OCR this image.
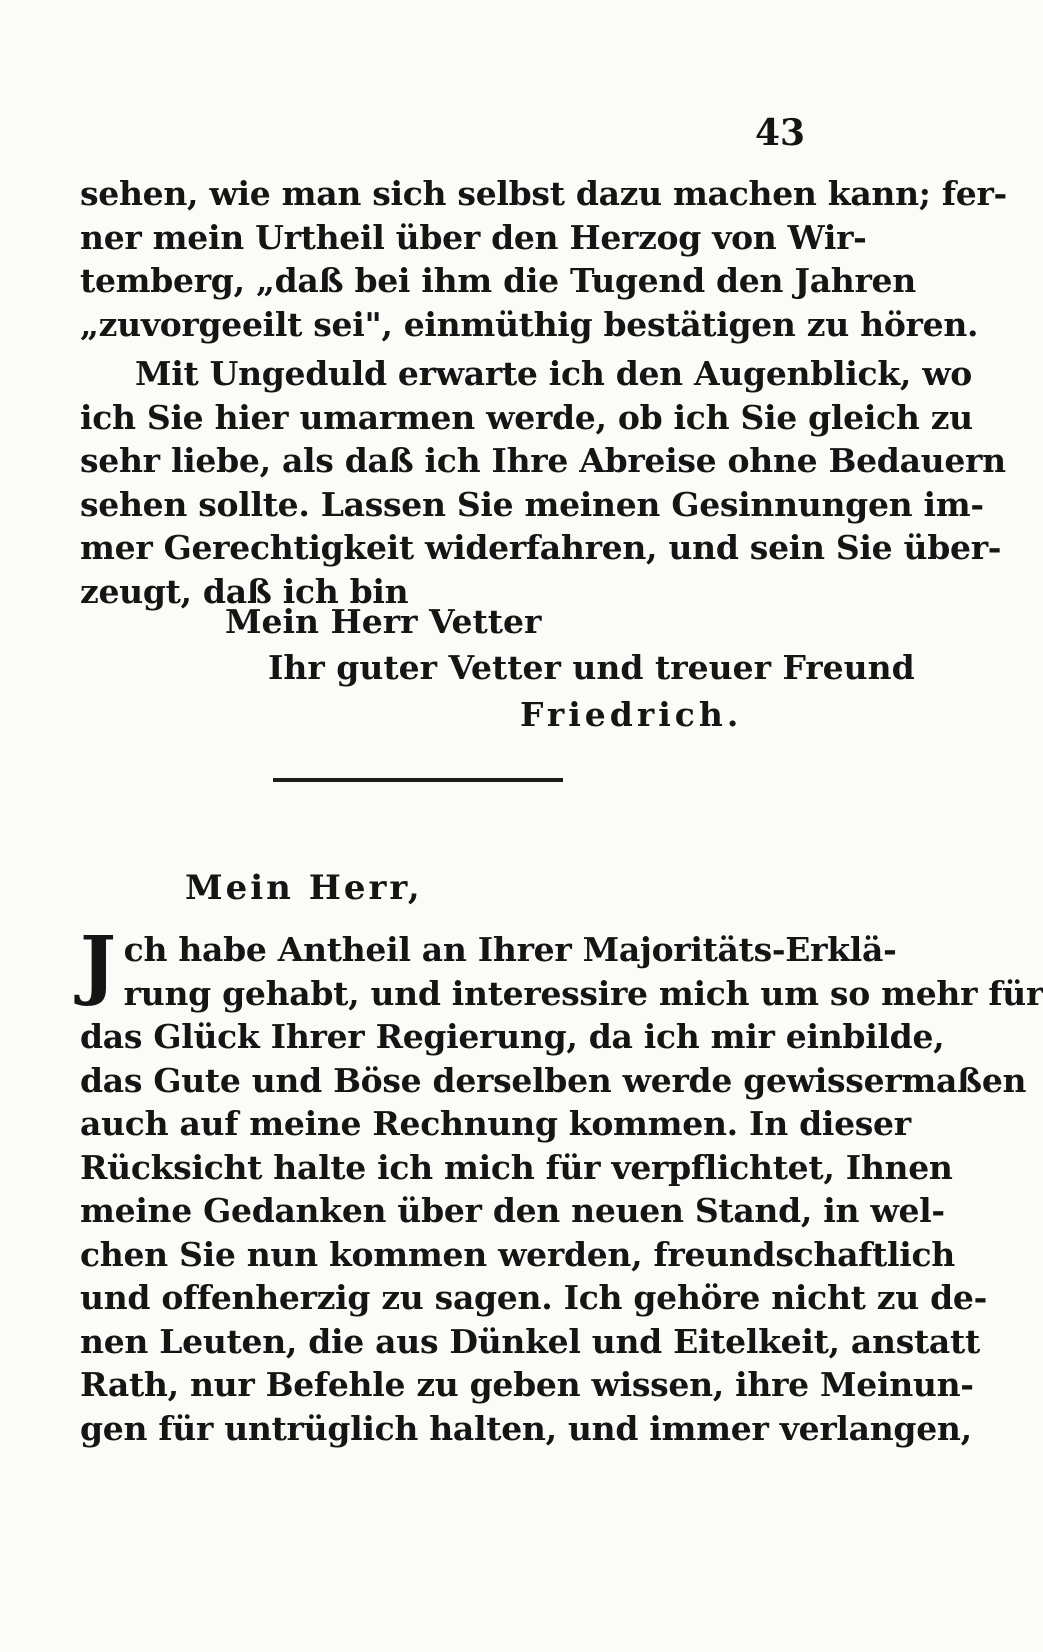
43
sehen, wie man sich selbst dazu machen kann; fer-
ner mein Urtheil über den Herzog von Wir-
temberg, „daß bei ihm die Tugend den Jahren
„zuvorgeeilt sei", einmüthig bestätigen zu hören.
Mit Ungeduld erwarte ich den Augenblick, wo
ich Sie hier umarmen werde, ob ich Sie gleich zu
sehr liebe, als daß ich Ihre Abreise ohne Bedauern
sehen sollte. Lassen Sie meinen Gesinnungen im-
mer Gerechtigkeit widerfahren, und sein Sie über-
zeugt, daß ich bin
Mein Herr Vetter
Ihr guter Vetter und treuer Freund
Friedrich.
Mein Herr,
J ch habe Antheil an Ihrer Majoritäts-Erklä-
rung gehabt, und interessire mich um so mehr für
das Glück Ihrer Regierung, da ich mir einbilde,
das Gute und Böse derselben werde gewissermaßen
auch auf meine Rechnung kommen. In dieser
Rücksicht halte ich mich für verpflichtet, Ihnen
meine Gedanken über den neuen Stand, in wel-
chen Sie nun kommen werden, freundschaftlich
und offenherzig zu sagen. Ich gehöre nicht zu de-
nen Leuten, die aus Dünkel und Eitelkeit, anstatt
Rath, nur Befehle zu geben wissen, ihre Meinun-
gen für untrüglich halten, und immer verlangen,
